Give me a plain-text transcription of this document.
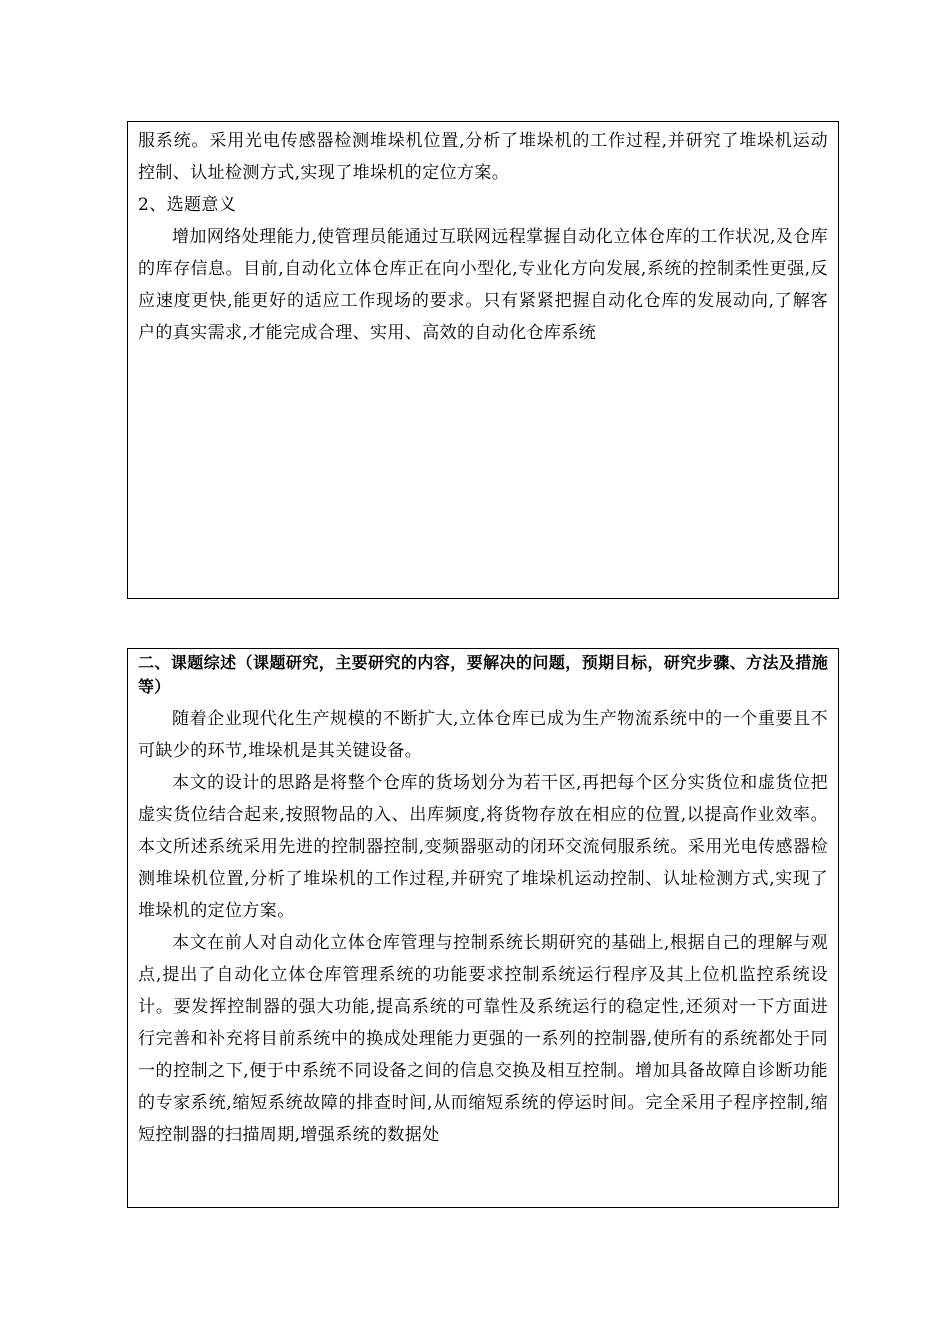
服系统。采用光电传感器检测堆垛机位置,分析了堆垛机的工作过程,并研究了堆垛机运动控制、认址检测方式,实现了堆垛机的定位方案。

2、选题意义

增加网络处理能力,使管理员能通过互联网远程掌握自动化立体仓库的工作状况,及仓库的库存信息。目前,自动化立体仓库正在向小型化,专业化方向发展,系统的控制柔性更强,反应速度更快,能更好的适应工作现场的要求。只有紧紧把握自动化仓库的发展动向,了解客户的真实需求,才能完成合理、实用、高效的自动化仓库系统

二、课题综述（课题研究，主要研究的内容，要解决的问题，预期目标，研究步骤、方法及措施等）

随着企业现代化生产规模的不断扩大,立体仓库已成为生产物流系统中的一个重要且不可缺少的环节,堆垛机是其关键设备。

本文的设计的思路是将整个仓库的货场划分为若干区,再把每个区分实货位和虚货位把虚实货位结合起来,按照物品的入、出库频度,将货物存放在相应的位置,以提高作业效率。本文所述系统采用先进的控制器控制,变频器驱动的闭环交流伺服系统。采用光电传感器检测堆垛机位置,分析了堆垛机的工作过程,并研究了堆垛机运动控制、认址检测方式,实现了堆垛机的定位方案。

本文在前人对自动化立体仓库管理与控制系统长期研究的基础上,根据自己的理解与观点,提出了自动化立体仓库管理系统的功能要求控制系统运行程序及其上位机监控系统设计。要发挥控制器的强大功能,提高系统的可靠性及系统运行的稳定性,还须对一下方面进行完善和补充将目前系统中的换成处理能力更强的一系列的控制器,使所有的系统都处于同一的控制之下,便于中系统不同设备之间的信息交换及相互控制。增加具备故障自诊断功能的专家系统,缩短系统故障的排查时间,从而缩短系统的停运时间。完全采用子程序控制,缩短控制器的扫描周期,增强系统的数据处
